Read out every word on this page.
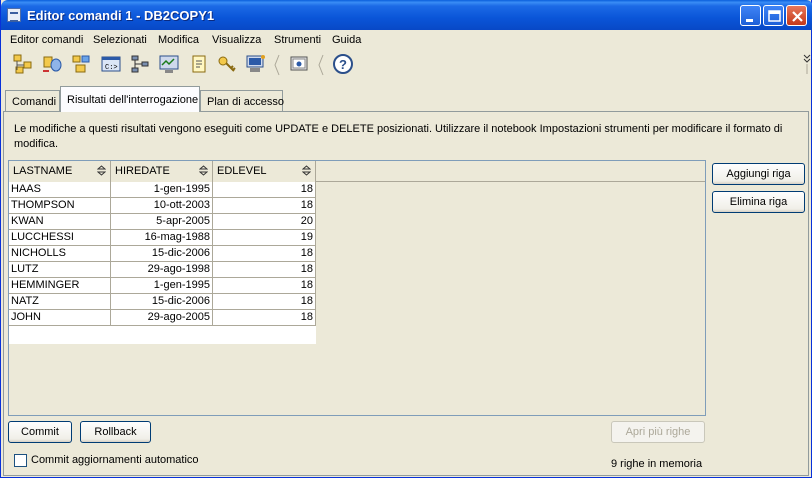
Editor comandi 1 - DB2COPY1
Editor comandi Selezionati Modifica Visualizza Strumenti Guida
C:>	?
Comandi Risultati dell'interrogazione Plan di accesso
Le modifiche a questi risultati vengono eseguiti come UPDATE e DELETE posizionati. Utilizzare il notebook Impostazioni strumenti per modificare il formato di modifica.
LASTNAME	HIREDATE	EDLEVEL
HAAS	1-gen-1995	18
THOMPSON	10-ott-2003	18
KWAN	5-apr-2005	20
LUCCHESSI	16-mag-1988	19
NICHOLLS	15-dic-2006	18
LUTZ	29-ago-1998	18
HEMMINGER	1-gen-1995	18
NATZ	15-dic-2006	18
JOHN	29-ago-2005	18
Aggiungi riga
Elimina riga
Commit	Rollback	Apri più righe
Commit aggiornamenti automatico	9 righe in memoria
